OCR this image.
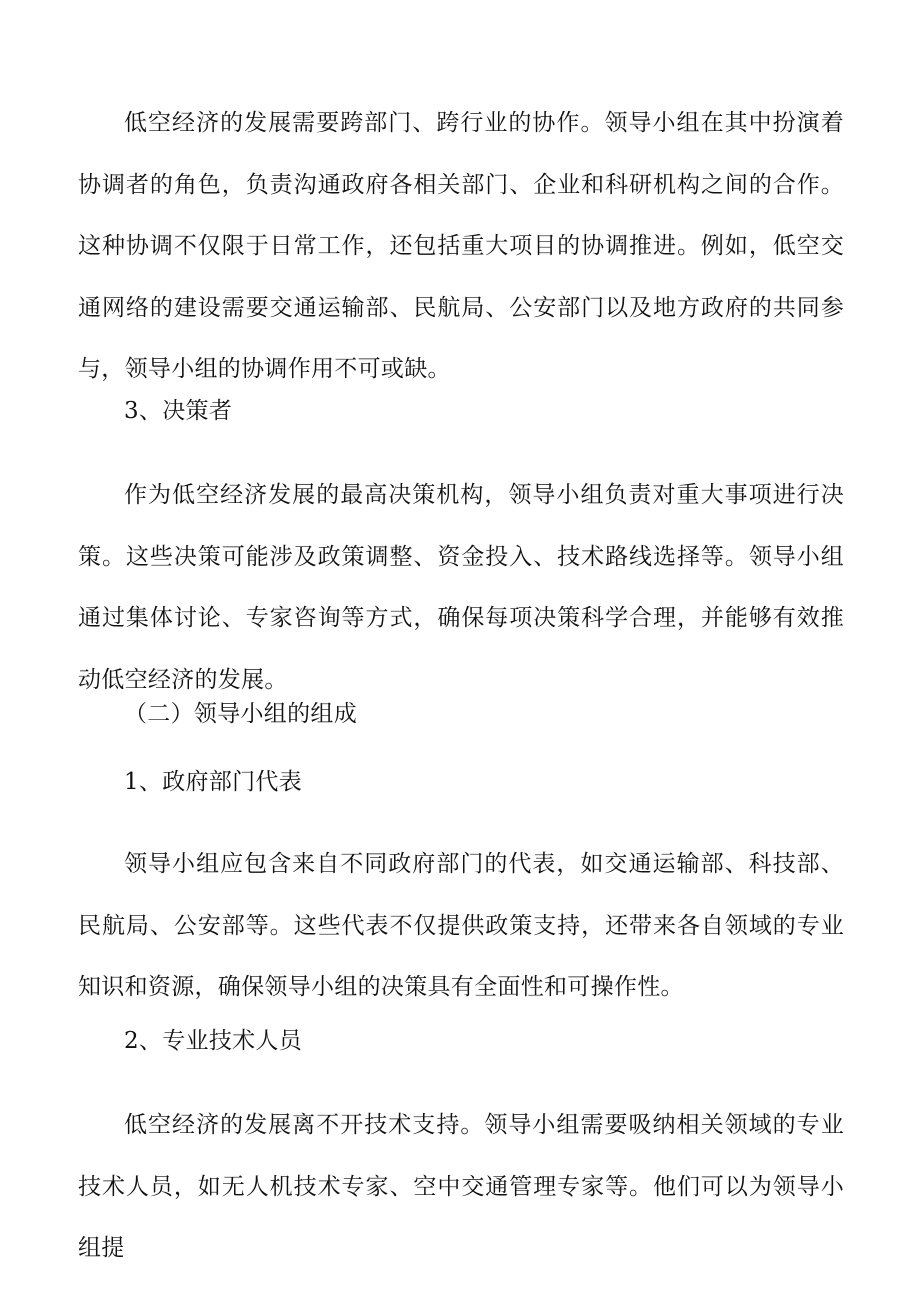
低空经济的发展需要跨部门、跨行业的协作。领导小组在其中扮演着协调者的角色，负责沟通政府各相关部门、企业和科研机构之间的合作。这种协调不仅限于日常工作，还包括重大项目的协调推进。例如，低空交通网络的建设需要交通运输部、民航局、公安部门以及地方政府的共同参与，领导小组的协调作用不可或缺。

3、决策者

作为低空经济发展的最高决策机构，领导小组负责对重大事项进行决策。这些决策可能涉及政策调整、资金投入、技术路线选择等。领导小组通过集体讨论、专家咨询等方式，确保每项决策科学合理，并能够有效推动低空经济的发展。

（二）领导小组的组成
1、政府部门代表

领导小组应包含来自不同政府部门的代表，如交通运输部、科技部、民航局、公安部等。这些代表不仅提供政策支持，还带来各自领域的专业知识和资源，确保领导小组的决策具有全面性和可操作性。

2、专业技术人员

低空经济的发展离不开技术支持。领导小组需要吸纳相关领域的专业技术人员，如无人机技术专家、空中交通管理专家等。他们可以为领导小组提
